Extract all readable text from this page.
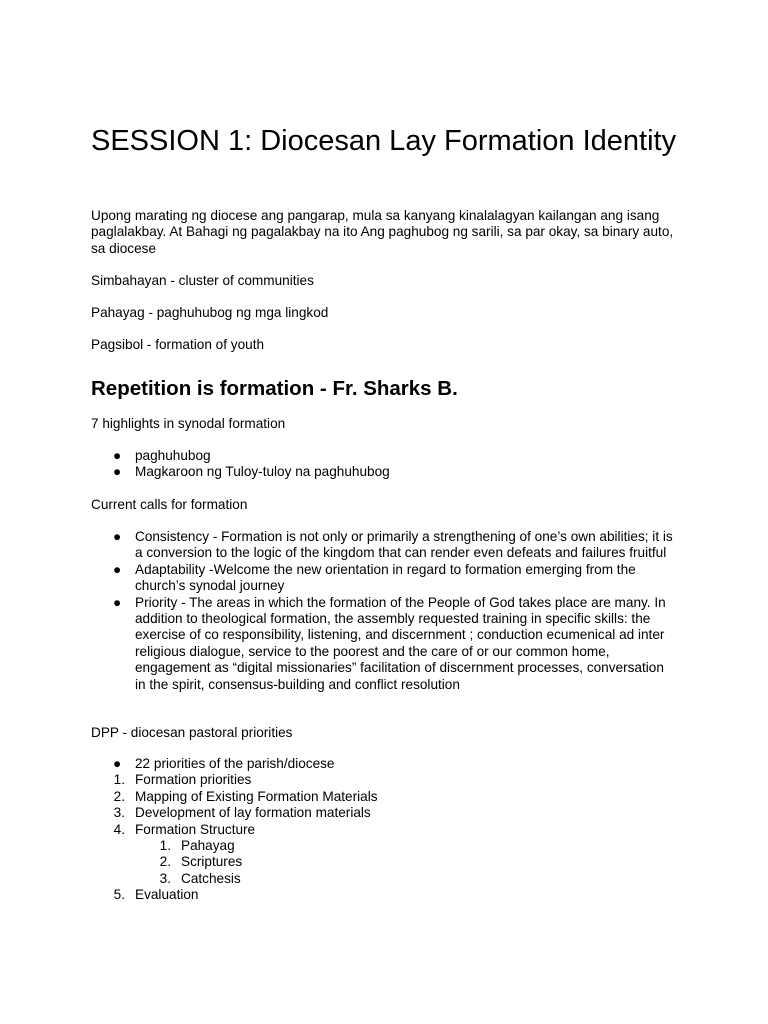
SESSION 1: Diocesan Lay Formation Identity

Upong marating ng diocese ang pangarap, mula sa kanyang kinalalagyan kailangan ang isang paglalakbay. At Bahagi ng pagalakbay na ito Ang paghubog ng sarili, sa par okay, sa binary auto, sa diocese

Simbahayan - cluster of communities

Pahayag - paghuhubog ng mga lingkod

Pagsibol - formation of youth

Repetition is formation - Fr. Sharks B.

7 highlights in synodal formation

● paghuhubog
● Magkaroon ng Tuloy-tuloy na paghuhubog

Current calls for formation

● Consistency - Formation is not only or primarily a strengthening of one’s own abilities; it is a conversion to the logic of the kingdom that can render even defeats and failures fruitful
● Adaptability -Welcome the new orientation in regard to formation emerging from the church’s synodal journey
● Priority - The areas in which the formation of the People of God takes place are many. In addition to theological formation, the assembly requested training in specific skills: the exercise of co responsibility, listening, and discernment ; conduction ecumenical ad inter religious dialogue, service to the poorest and the care of or our common home, engagement as “digital missionaries” facilitation of discernment processes, conversation in the spirit, consensus-building and conflict resolution

DPP - diocesan pastoral priorities

● 22 priorities of the parish/diocese
1. Formation priorities
2. Mapping of Existing Formation Materials
3. Development of lay formation materials
4. Formation Structure
1. Pahayag
2. Scriptures
3. Catchesis
5. Evaluation
